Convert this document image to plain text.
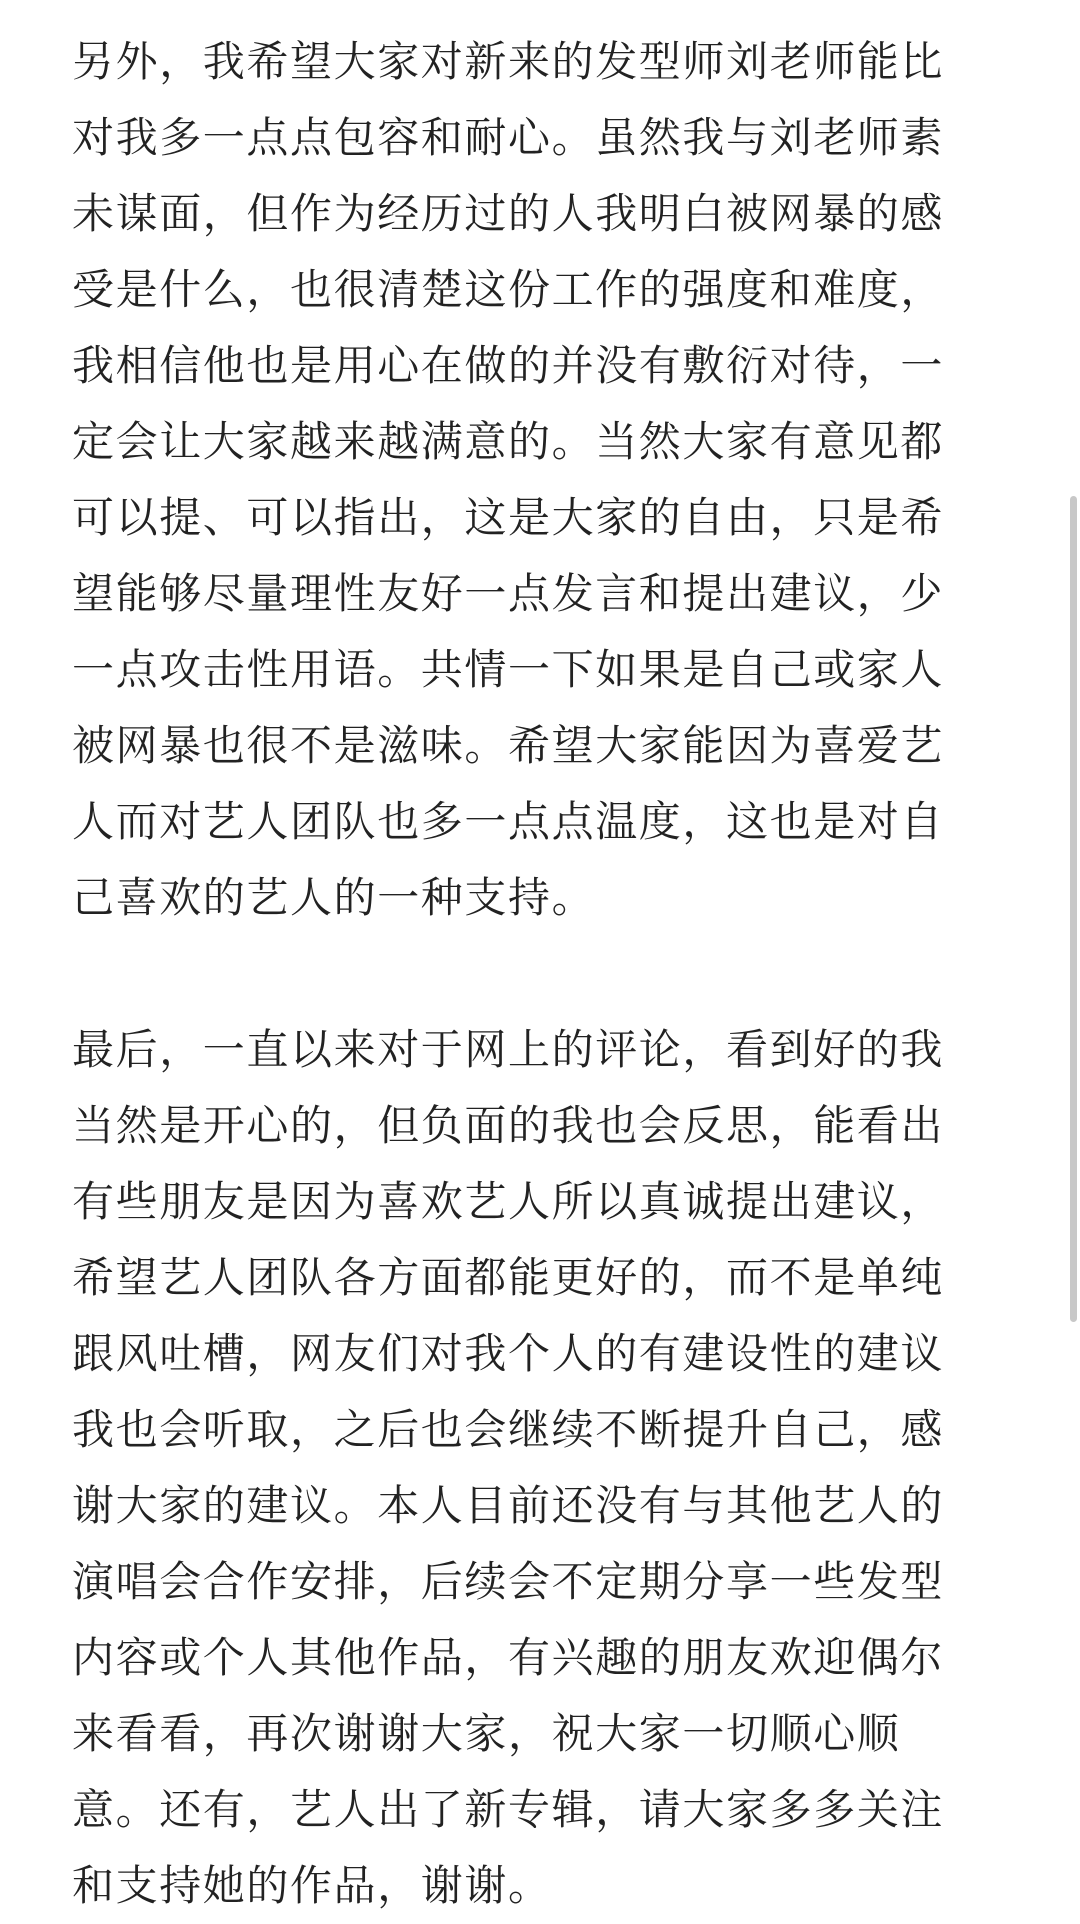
另外，我希望大家对新来的发型师刘老师能比
对我多一点点包容和耐心。虽然我与刘老师素
未谋面，但作为经历过的人我明白被网暴的感
受是什么，也很清楚这份工作的强度和难度，
我相信他也是用心在做的并没有敷衍对待，一
定会让大家越来越满意的。当然大家有意见都
可以提、可以指出，这是大家的自由，只是希
望能够尽量理性友好一点发言和提出建议，少
一点攻击性用语。共情一下如果是自己或家人
被网暴也很不是滋味。希望大家能因为喜爱艺
人而对艺人团队也多一点点温度，这也是对自
己喜欢的艺人的一种支持。
最后，一直以来对于网上的评论，看到好的我
当然是开心的，但负面的我也会反思，能看出
有些朋友是因为喜欢艺人所以真诚提出建议，
希望艺人团队各方面都能更好的，而不是单纯
跟风吐槽，网友们对我个人的有建设性的建议
我也会听取，之后也会继续不断提升自己，感
谢大家的建议。本人目前还没有与其他艺人的
演唱会合作安排，后续会不定期分享一些发型
内容或个人其他作品，有兴趣的朋友欢迎偶尔
来看看，再次谢谢大家，祝大家一切顺心顺
意。还有，艺人出了新专辑，请大家多多关注
和支持她的作品，谢谢。
